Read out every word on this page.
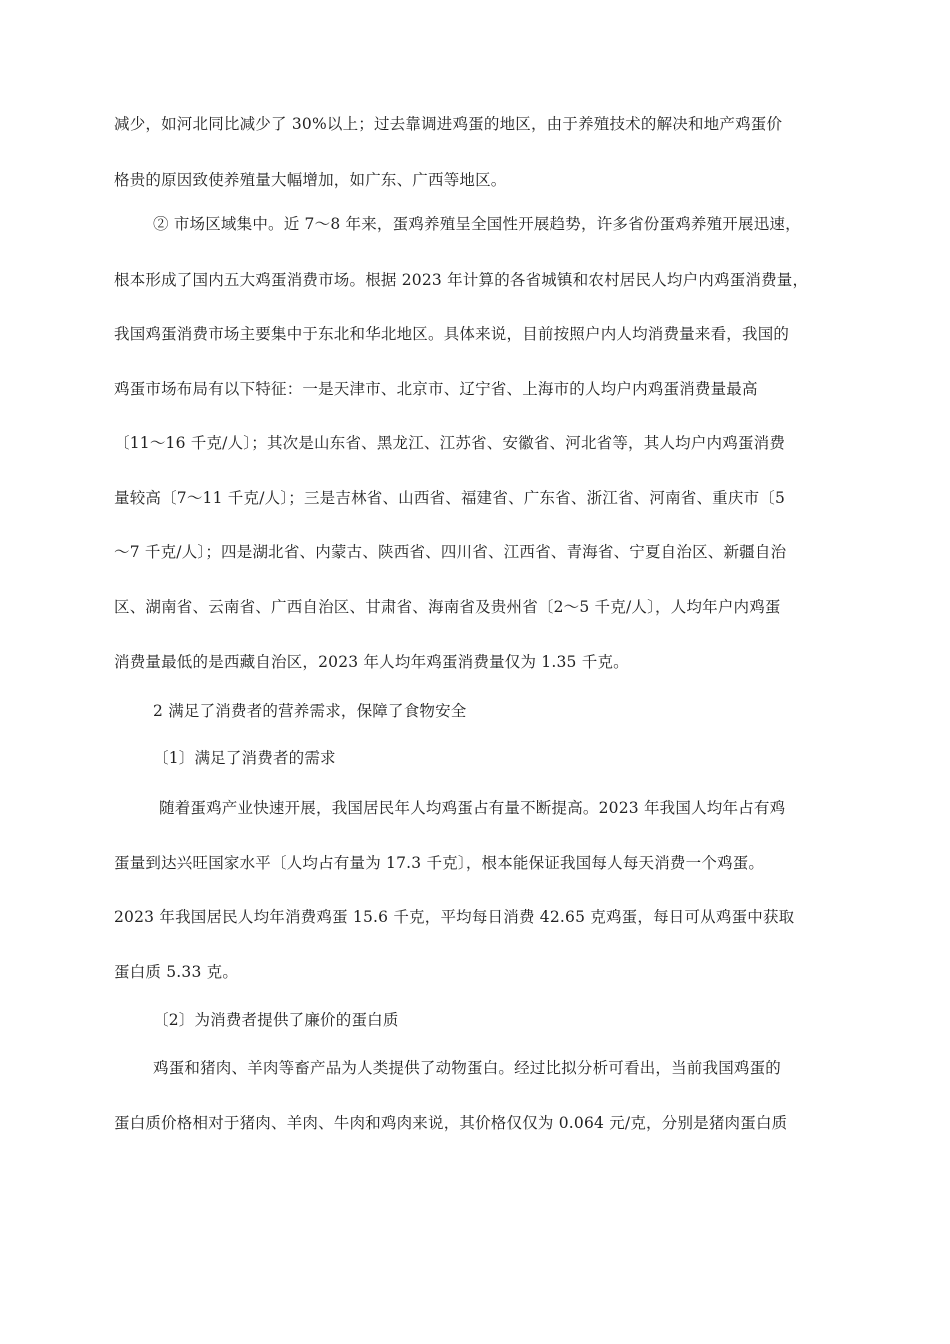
减少，如河北同比减少了 30%以上；过去靠调进鸡蛋的地区，由于养殖技术的解决和地产鸡蛋价
格贵的原因致使养殖量大幅增加，如广东、广西等地区。
② 市场区域集中。近 7～8 年来，蛋鸡养殖呈全国性开展趋势，许多省份蛋鸡养殖开展迅速，
根本形成了国内五大鸡蛋消费市场。根据 2023 年计算的各省城镇和农村居民人均户内鸡蛋消费量，
我国鸡蛋消费市场主要集中于东北和华北地区。具体来说，目前按照户内人均消费量来看，我国的
鸡蛋市场布局有以下特征：一是天津市、北京市、辽宁省、上海市的人均户内鸡蛋消费量最高
〔11～16 千克/人〕；其次是山东省、黑龙江、江苏省、安徽省、河北省等，其人均户内鸡蛋消费
量较高〔7～11 千克/人〕；三是吉林省、山西省、福建省、广东省、浙江省、河南省、重庆市〔5
～7 千克/人〕；四是湖北省、内蒙古、陕西省、四川省、江西省、青海省、宁夏自治区、新疆自治
区、湖南省、云南省、广西自治区、甘肃省、海南省及贵州省〔2～5 千克/人〕，人均年户内鸡蛋
消费量最低的是西藏自治区，2023 年人均年鸡蛋消费量仅为 1.35 千克。
2 满足了消费者的营养需求，保障了食物安全
〔1〕满足了消费者的需求
随着蛋鸡产业快速开展，我国居民年人均鸡蛋占有量不断提高。2023 年我国人均年占有鸡
蛋量到达兴旺国家水平〔人均占有量为 17.3 千克〕，根本能保证我国每人每天消费一个鸡蛋。
2023 年我国居民人均年消费鸡蛋 15.6 千克，平均每日消费 42.65 克鸡蛋，每日可从鸡蛋中获取
蛋白质 5.33 克。
〔2〕为消费者提供了廉价的蛋白质
鸡蛋和猪肉、羊肉等畜产品为人类提供了动物蛋白。经过比拟分析可看出，当前我国鸡蛋的
蛋白质价格相对于猪肉、羊肉、牛肉和鸡肉来说，其价格仅仅为 0.064 元/克，分别是猪肉蛋白质
